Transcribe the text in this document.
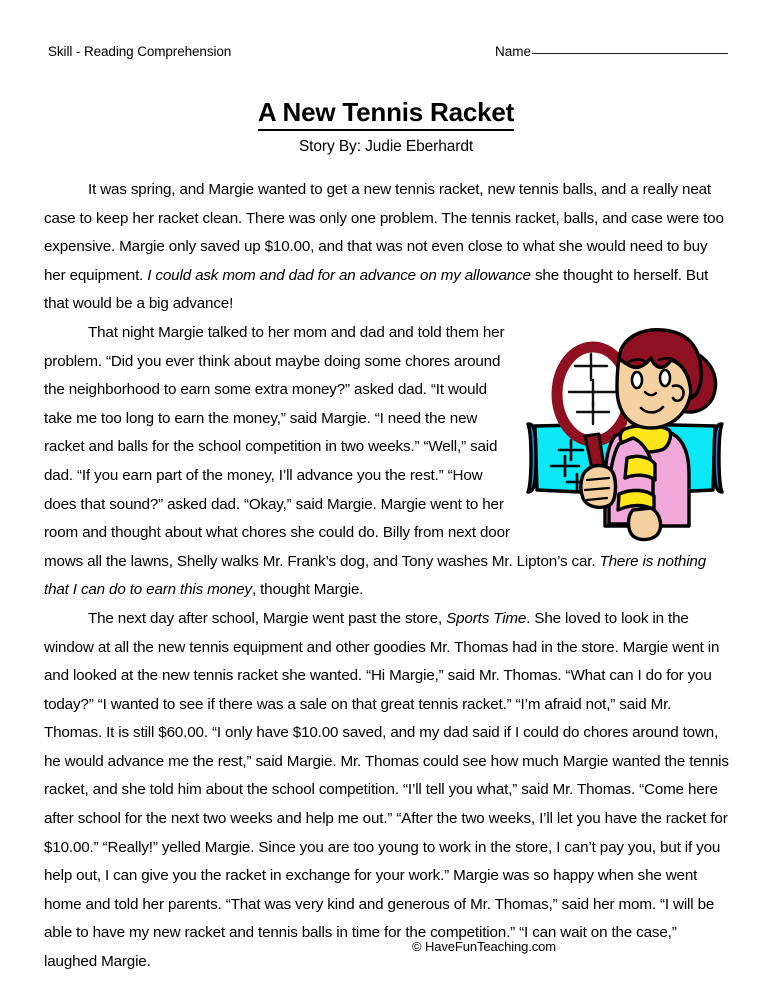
Skill - Reading Comprehension	Name
A New Tennis Racket
Story By: Judie Eberhardt

It was spring, and Margie wanted to get a new tennis racket, new tennis balls, and a really neat case to keep her racket clean. There was only one problem. The tennis racket, balls, and case were too expensive. Margie only saved up $10.00, and that was not even close to what she would need to buy her equipment. I could ask mom and dad for an advance on my allowance she thought to herself. But that would be a big advance!

That night Margie talked to her mom and dad and told them her problem. “Did you ever think about maybe doing some chores around the neighborhood to earn some extra money?” asked dad. “It would take me too long to earn the money,” said Margie. “I need the new racket and balls for the school competition in two weeks.” “Well,” said dad. “If you earn part of the money, I’ll advance you the rest.” “How does that sound?” asked dad. “Okay,” said Margie. Margie went to her room and thought about what chores she could do. Billy from next door mows all the lawns, Shelly walks Mr. Frank’s dog, and Tony washes Mr. Lipton’s car. There is nothing that I can do to earn this money, thought Margie.

The next day after school, Margie went past the store, Sports Time. She loved to look in the window at all the new tennis equipment and other goodies Mr. Thomas had in the store. Margie went in and looked at the new tennis racket she wanted. “Hi Margie,” said Mr. Thomas. “What can I do for you today?” “I wanted to see if there was a sale on that great tennis racket.” “I’m afraid not,” said Mr. Thomas. It is still $60.00. “I only have $10.00 saved, and my dad said if I could do chores around town, he would advance me the rest,” said Margie. Mr. Thomas could see how much Margie wanted the tennis racket, and she told him about the school competition. “I’ll tell you what,” said Mr. Thomas. “Come here after school for the next two weeks and help me out.” “After the two weeks, I’ll let you have the racket for $10.00.” “Really!” yelled Margie. Since you are too young to work in the store, I can’t pay you, but if you help out, I can give you the racket in exchange for your work.” Margie was so happy when she went home and told her parents. “That was very kind and generous of Mr. Thomas,” said her mom. “I will be able to have my new racket and tennis balls in time for the competition.” “I can wait on the case,” laughed Margie.

© HaveFunTeaching.com
